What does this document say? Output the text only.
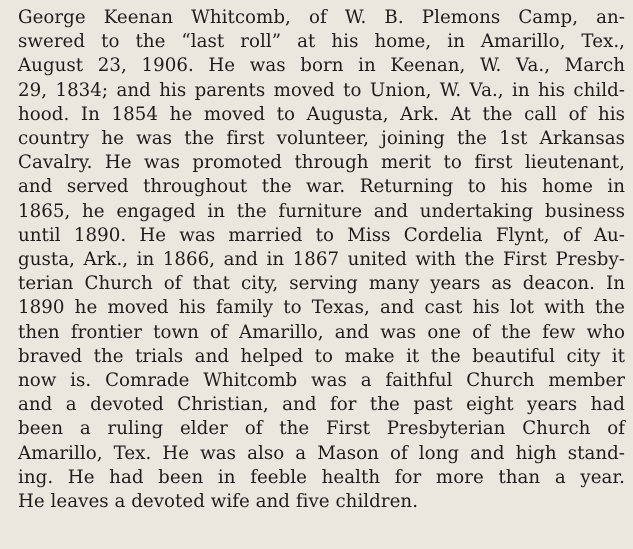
George Keenan Whitcomb, of W. B. Plemons Camp, an-
swered to the “last roll” at his home, in Amarillo, Tex.,
August 23, 1906. He was born in Keenan, W. Va., March
29, 1834; and his parents moved to Union, W. Va., in his child-
hood. In 1854 he moved to Augusta, Ark. At the call of his
country he was the first volunteer, joining the 1st Arkansas
Cavalry. He was promoted through merit to first lieutenant,
and served throughout the war. Returning to his home in
1865, he engaged in the furniture and undertaking business
until 1890. He was married to Miss Cordelia Flynt, of Au-
gusta, Ark., in 1866, and in 1867 united with the First Presby-
terian Church of that city, serving many years as deacon. In
1890 he moved his family to Texas, and cast his lot with the
then frontier town of Amarillo, and was one of the few who
braved the trials and helped to make it the beautiful city it
now is. Comrade Whitcomb was a faithful Church member
and a devoted Christian, and for the past eight years had
been a ruling elder of the First Presbyterian Church of
Amarillo, Tex. He was also a Mason of long and high stand-
ing. He had been in feeble health for more than a year.
He leaves a devoted wife and five children.
